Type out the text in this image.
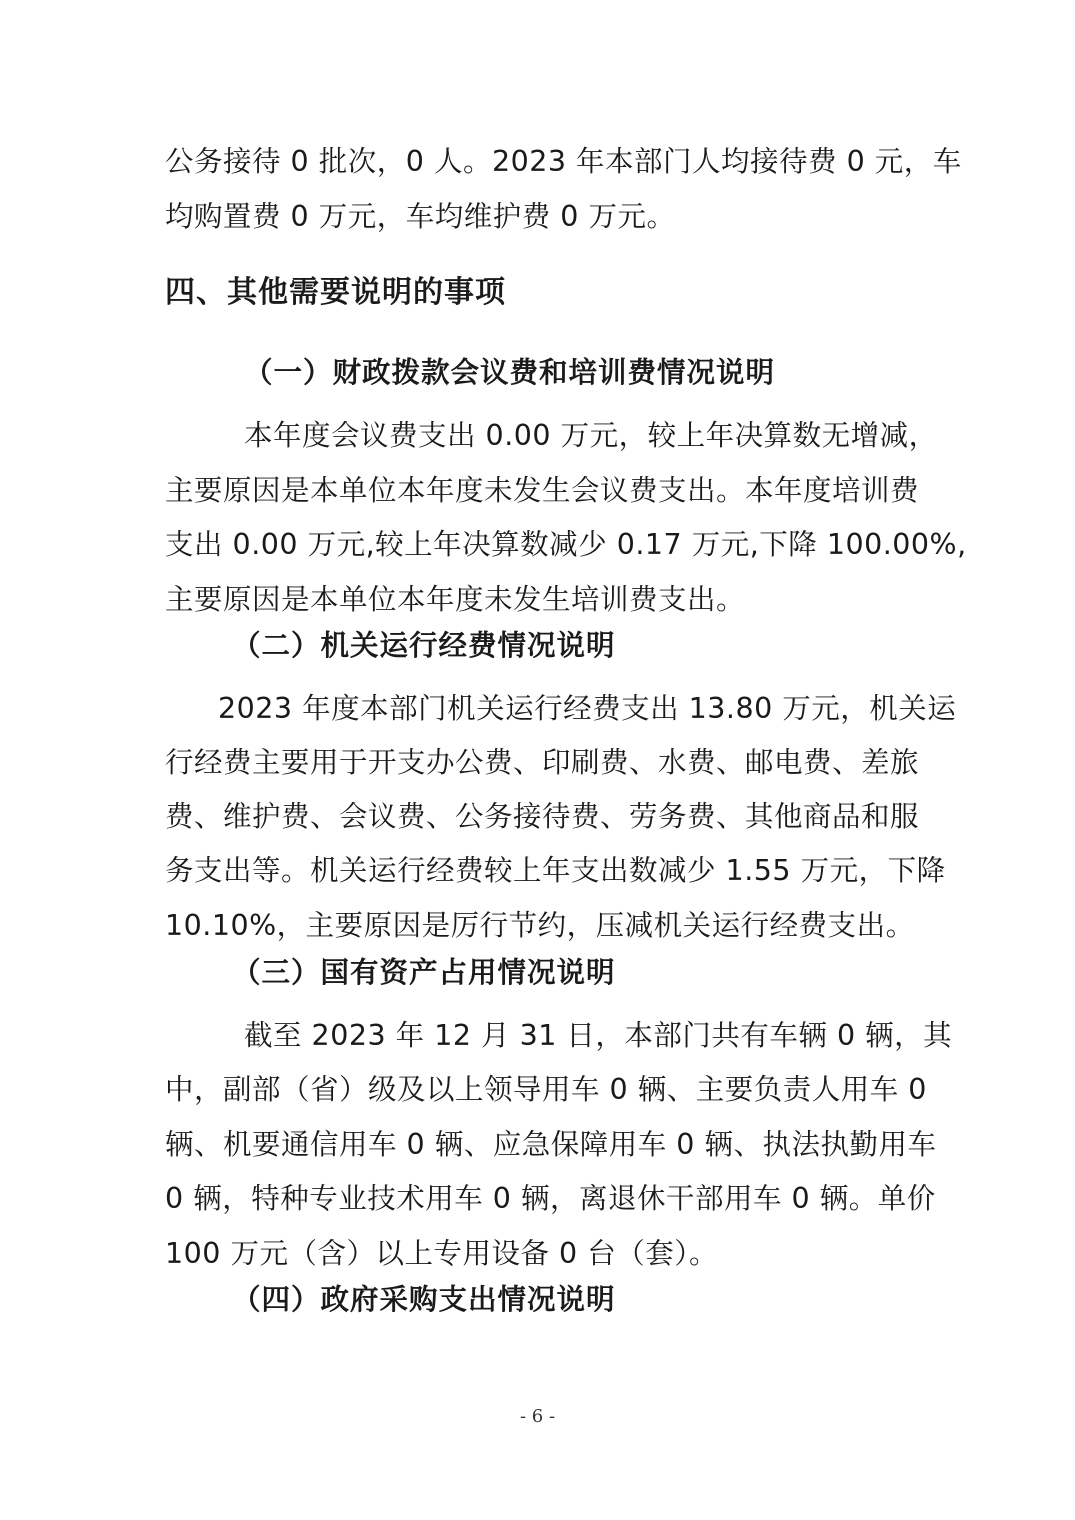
公务接待 0 批次，0 人。2023 年本部门人均接待费 0 元，车
均购置费 0 万元，车均维护费 0 万元。
四、其他需要说明的事项
（一）财政拨款会议费和培训费情况说明
本年度会议费支出 0.00 万元，较上年决算数无增减，
主要原因是本单位本年度未发生会议费支出。本年度培训费
支出 0.00 万元,较上年决算数减少 0.17 万元,下降 100.00%,
主要原因是本单位本年度未发生培训费支出。
（二）机关运行经费情况说明
2023 年度本部门机关运行经费支出 13.80 万元，机关运
行经费主要用于开支办公费、印刷费、水费、邮电费、差旅
费、维护费、会议费、公务接待费、劳务费、其他商品和服
务支出等。机关运行经费较上年支出数减少 1.55 万元，下降
10.10%，主要原因是厉行节约，压减机关运行经费支出。
（三）国有资产占用情况说明
截至 2023 年 12 月 31 日，本部门共有车辆 0 辆，其
中，副部（省）级及以上领导用车 0 辆、主要负责人用车 0
辆、机要通信用车 0 辆、应急保障用车 0 辆、执法执勤用车
0 辆，特种专业技术用车 0 辆，离退休干部用车 0 辆。单价
100 万元（含）以上专用设备 0 台（套）。
（四）政府采购支出情况说明
- 6 -
